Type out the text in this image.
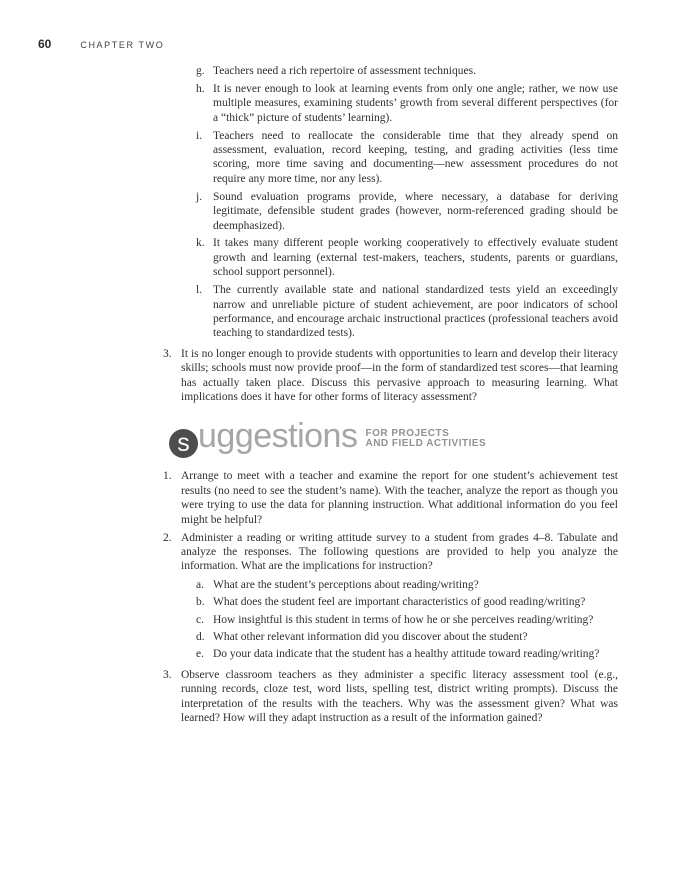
60	CHAPTER TWO
g. Teachers need a rich repertoire of assessment techniques.
h. It is never enough to look at learning events from only one angle; rather, we now use multiple measures, examining students’ growth from several different perspectives (for a “thick” picture of students’ learning).
i. Teachers need to reallocate the considerable time that they already spend on assessment, evaluation, record keeping, testing, and grading activities (less time scoring, more time saving and documenting—new assessment procedures do not require any more time, nor any less).
j. Sound evaluation programs provide, where necessary, a database for deriving legitimate, defensible student grades (however, norm-referenced grading should be deemphasized).
k. It takes many different people working cooperatively to effectively evaluate student growth and learning (external test-makers, teachers, students, parents or guardians, school support personnel).
l. The currently available state and national standardized tests yield an exceedingly narrow and unreliable picture of student achievement, are poor indicators of school performance, and encourage archaic instructional practices (professional teachers avoid teaching to standardized tests).
3. It is no longer enough to provide students with opportunities to learn and develop their literacy skills; schools must now provide proof—in the form of standardized test scores—that learning has actually taken place. Discuss this pervasive approach to measuring learning. What implications does it have for other forms of literacy assessment?
s uggestions FOR PROJECTS
AND FIELD ACTIVITIES
1. Arrange to meet with a teacher and examine the report for one student’s achievement test results (no need to see the student’s name). With the teacher, analyze the report as though you were trying to use the data for planning instruction. What additional information do you feel might be helpful?
2. Administer a reading or writing attitude survey to a student from grades 4–8. Tabulate and analyze the responses. The following questions are provided to help you analyze the information. What are the implications for instruction?
a. What are the student’s perceptions about reading/writing?
b. What does the student feel are important characteristics of good reading/writing?
c. How insightful is this student in terms of how he or she perceives reading/writing?
d. What other relevant information did you discover about the student?
e. Do your data indicate that the student has a healthy attitude toward reading/writing?
3. Observe classroom teachers as they administer a specific literacy assessment tool (e.g., running records, cloze test, word lists, spelling test, district writing prompts). Discuss the interpretation of the results with the teachers. Why was the assessment given? What was learned? How will they adapt instruction as a result of the information gained?
